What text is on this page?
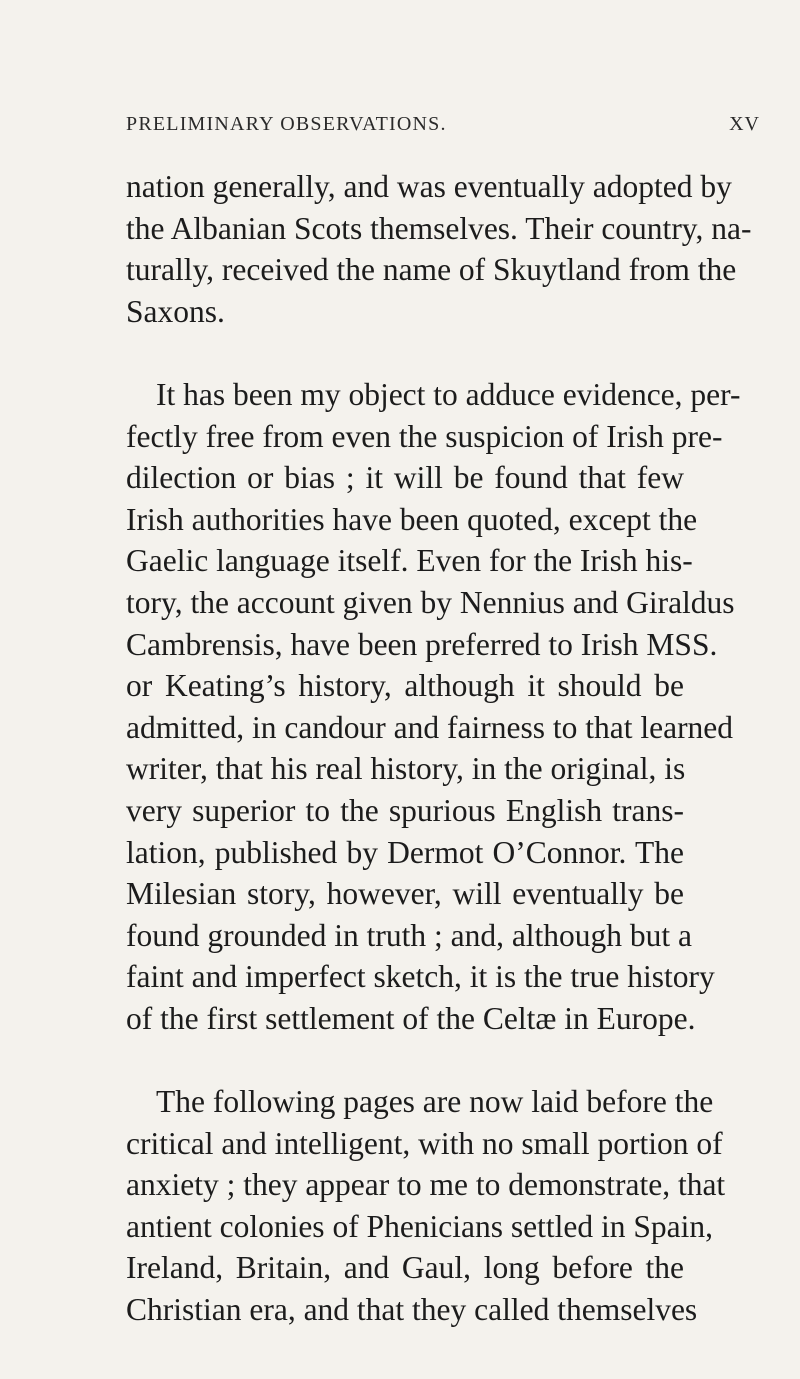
PRELIMINARY OBSERVATIONS.	XV
nation generally, and was eventually adopted by
the Albanian Scots themselves. Their country, na-
turally, received the name of Skuytland from the
Saxons.
It has been my object to adduce evidence, per-
fectly free from even the suspicion of Irish pre-
dilection or bias ; it will be found that few
Irish authorities have been quoted, except the
Gaelic language itself. Even for the Irish his-
tory, the account given by Nennius and Giraldus
Cambrensis, have been preferred to Irish MSS.
or Keating’s history, although it should be
admitted, in candour and fairness to that learned
writer, that his real history, in the original, is
very superior to the spurious English trans-
lation, published by Dermot O’Connor. The
Milesian story, however, will eventually be
found grounded in truth ; and, although but a
faint and imperfect sketch, it is the true history
of the first settlement of the Celtæ in Europe.
The following pages are now laid before the
critical and intelligent, with no small portion of
anxiety ; they appear to me to demonstrate, that
antient colonies of Phenicians settled in Spain,
Ireland, Britain, and Gaul, long before the
Christian era, and that they called themselves
